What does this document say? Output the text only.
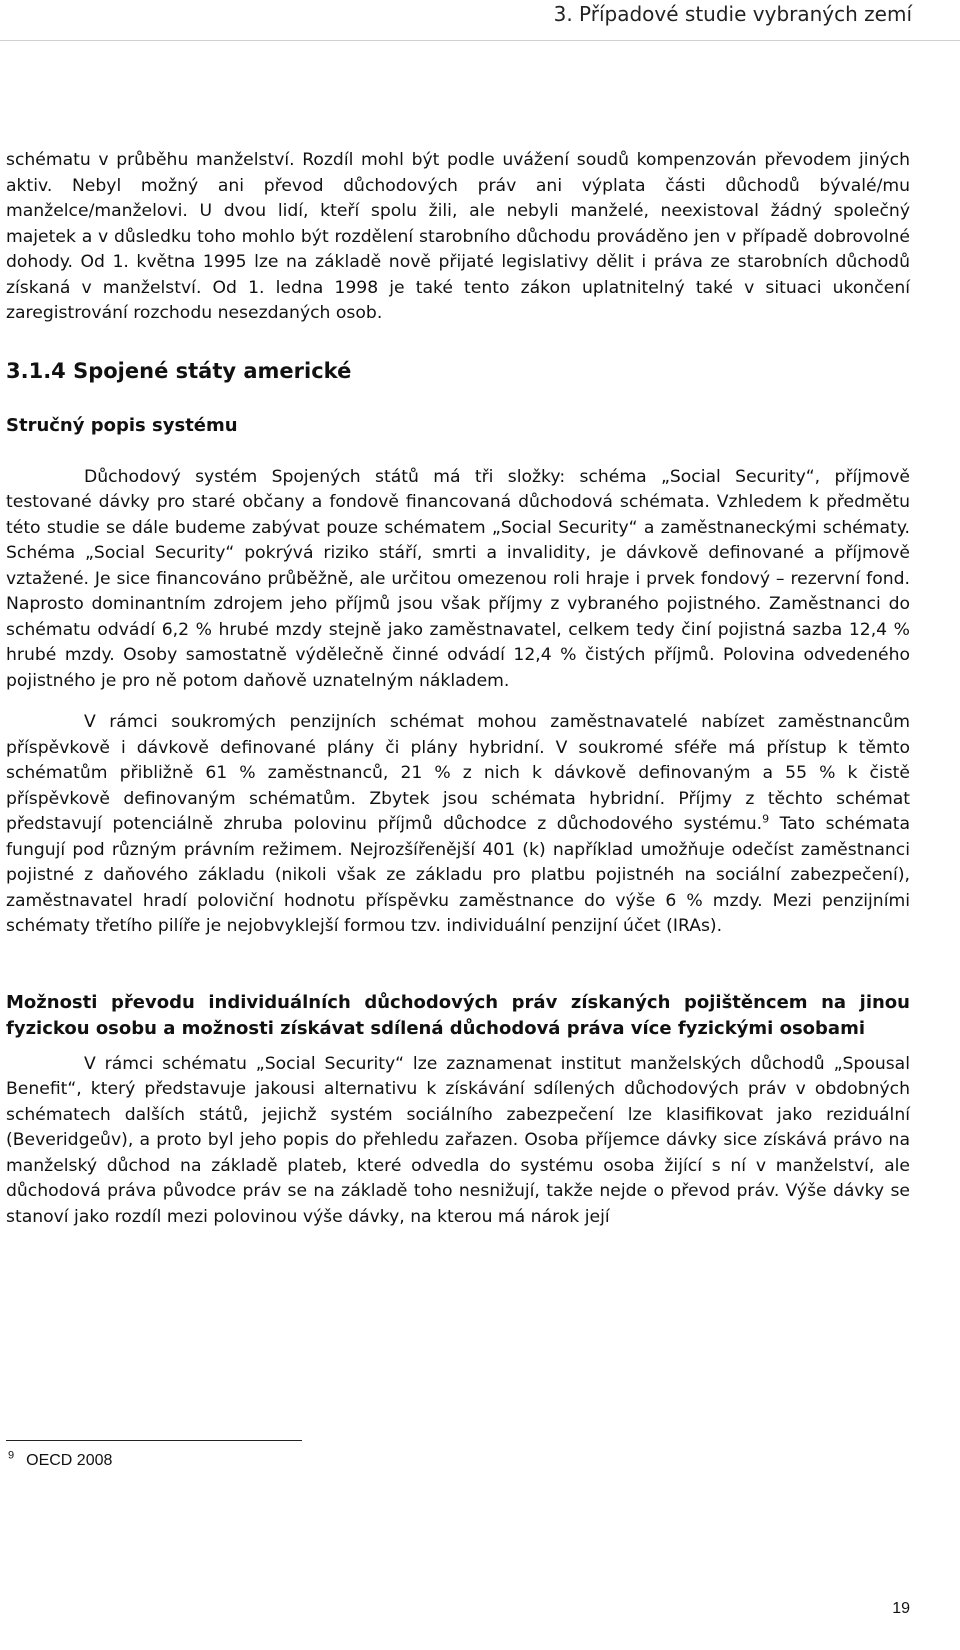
3. Případové studie vybraných zemí

schématu v průběhu manželství. Rozdíl mohl být podle uvážení soudů kompenzován převodem jiných aktiv. Nebyl možný ani převod důchodových práv ani výplata části důchodů bývalé/mu manželce/manželovi. U dvou lidí, kteří spolu žili, ale nebyli manželé, neexistoval žádný společný majetek a v důsledku toho mohlo být rozdělení starobního důchodu prováděno jen v případě dobrovolné dohody. Od 1. května 1995 lze na základě nově přijaté legislativy dělit i práva ze starobních důchodů získaná v manželství. Od 1. ledna 1998 je také tento zákon uplatnitelný také v situaci ukončení zaregistrování rozchodu nesezdaných osob.

3.1.4 Spojené státy americké
Stručný popis systému

Důchodový systém Spojených států má tři složky: schéma „Social Security“, příjmově testované dávky pro staré občany a fondově financovaná důchodová schémata. Vzhledem k předmětu této studie se dále budeme zabývat pouze schématem „Social Security“ a zaměstnaneckými schématy. Schéma „Social Security“ pokrývá riziko stáří, smrti a invalidity, je dávkově definované a příjmově vztažené. Je sice financováno průběžně, ale určitou omezenou roli hraje i prvek fondový – rezervní fond. Naprosto dominantním zdrojem jeho příjmů jsou však příjmy z vybraného pojistného. Zaměstnanci do schématu odvádí 6,2 % hrubé mzdy stejně jako zaměstnavatel, celkem tedy činí pojistná sazba 12,4 % hrubé mzdy. Osoby samostatně výdělečně činné odvádí 12,4 % čistých příjmů. Polovina odvedeného pojistného je pro ně potom daňově uznatelným nákladem.

V rámci soukromých penzijních schémat mohou zaměstnavatelé nabízet zaměstnancům příspěvkově i dávkově definované plány či plány hybridní. V soukromé sféře má přístup k těmto schématům přibližně 61 % zaměstnanců, 21 % z nich k dávkově definovaným a 55 % k čistě příspěvkově definovaným schématům. Zbytek jsou schémata hybridní. Příjmy z těchto schémat představují potenciálně zhruba polovinu příjmů důchodce z důchodového systému.$^9$ Tato schémata fungují pod různým právním režimem. Nejrozšířenější 401 (k) například umožňuje odečíst zaměstnanci pojistné z daňového základu (nikoli však ze základu pro platbu pojistnéh na sociální zabezpečení), zaměstnavatel hradí poloviční hodnotu příspěvku zaměstnance do výše 6 % mzdy. Mezi penzijními schématy třetího pilíře je nejobvyklejší formou tzv. individuální penzijní účet (IRAs).

Možnosti převodu individuálních důchodových práv získaných pojištěncem na jinou fyzickou osobu a možnosti získávat sdílená důchodová práva více fyzickými osobami

V rámci schématu „Social Security“ lze zaznamenat institut manželských důchodů „Spousal Benefit“, který představuje jakousi alternativu k získávání sdílených důchodových práv v obdobných schématech dalších států, jejichž systém sociálního zabezpečení lze klasifikovat jako reziduální (Beveridgeův), a proto byl jeho popis do přehledu zařazen. Osoba příjemce dávky sice získává právo na manželský důchod na základě plateb, které odvedla do systému osoba žijící s ní v manželství, ale důchodová práva původce práv se na základě toho nesnižují, takže nejde o převod práv. Výše dávky se stanoví jako rozdíl mezi polovinou výše dávky, na kterou má nárok její

$^9$ OECD 2008
19
